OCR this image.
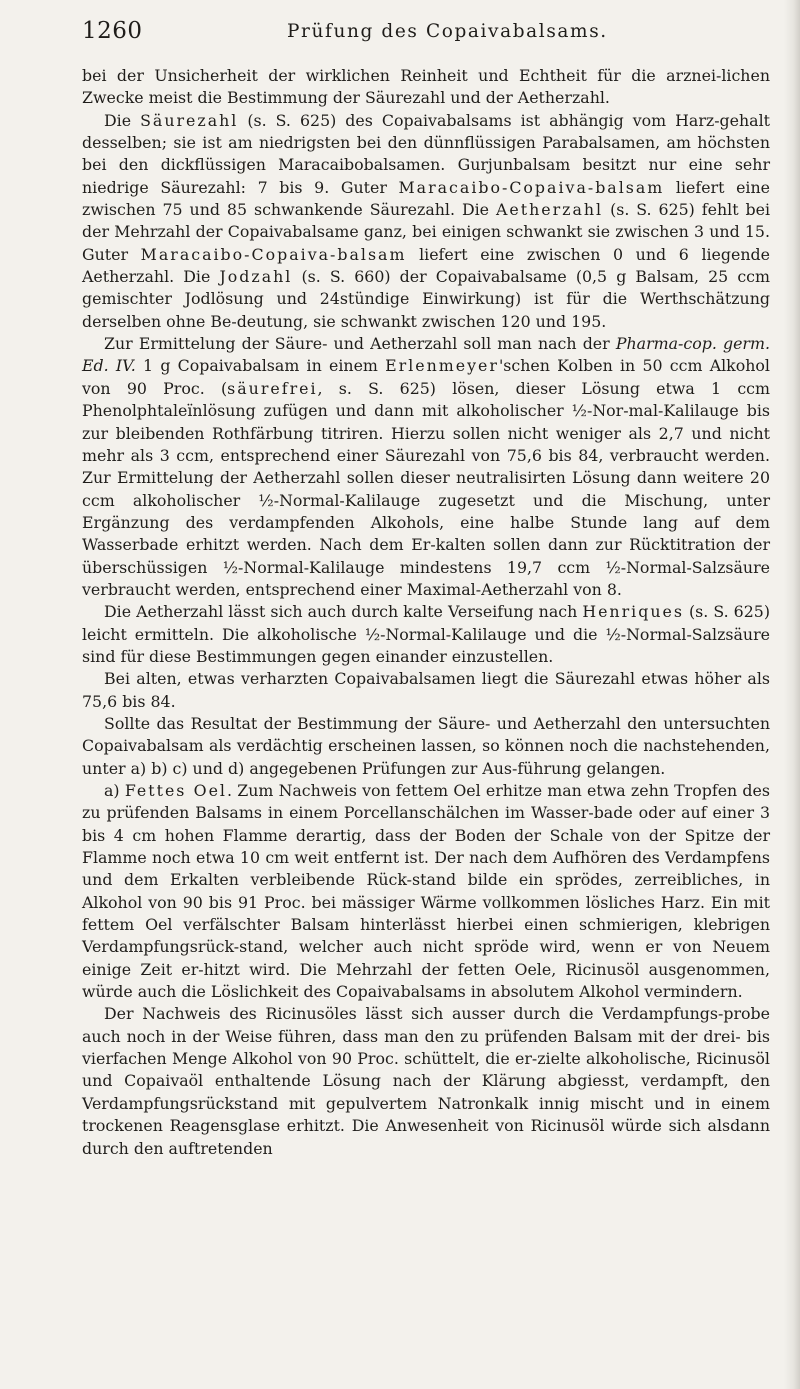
1260	Prüfung des Copaivabalsams.

bei der Unsicherheit der wirklichen Reinheit und Echtheit für die arznei-lichen Zwecke meist die Bestimmung der Säurezahl und der Aetherzahl.

Die Säurezahl (s. S. 625) des Copaivabalsams ist abhängig vom Harz-gehalt desselben; sie ist am niedrigsten bei den dünnflüssigen Parabalsamen, am höchsten bei den dickflüssigen Maracaibobalsamen. Gurjunbalsam besitzt nur eine sehr niedrige Säurezahl: 7 bis 9. Guter Maracaibo-Copaiva-balsam liefert eine zwischen 75 und 85 schwankende Säurezahl. Die Aetherzahl (s. S. 625) fehlt bei der Mehrzahl der Copaivabalsame ganz, bei einigen schwankt sie zwischen 3 und 15. Guter Maracaibo-Copaiva-balsam liefert eine zwischen 0 und 6 liegende Aetherzahl. Die Jodzahl (s. S. 660) der Copaivabalsame (0,5 g Balsam, 25 ccm gemischter Jodlösung und 24stündige Einwirkung) ist für die Werthschätzung derselben ohne Be-deutung, sie schwankt zwischen 120 und 195.

Zur Ermittelung der Säure- und Aetherzahl soll man nach der Pharma-cop. germ. Ed. IV. 1 g Copaivabalsam in einem Erlenmeyer'schen Kolben in 50 ccm Alkohol von 90 Proc. (säurefrei, s. S. 625) lösen, dieser Lösung etwa 1 ccm Phenolphtaleïnlösung zufügen und dann mit alkoholischer ½-Nor-mal-Kalilauge bis zur bleibenden Rothfärbung titriren. Hierzu sollen nicht weniger als 2,7 und nicht mehr als 3 ccm, entsprechend einer Säurezahl von 75,6 bis 84, verbraucht werden. Zur Ermittelung der Aetherzahl sollen dieser neutralisirten Lösung dann weitere 20 ccm alkoholischer ½-Normal-Kalilauge zugesetzt und die Mischung, unter Ergänzung des verdampfenden Alkohols, eine halbe Stunde lang auf dem Wasserbade erhitzt werden. Nach dem Er-kalten sollen dann zur Rücktitration der überschüssigen ½-Normal-Kalilauge mindestens 19,7 ccm ½-Normal-Salzsäure verbraucht werden, entsprechend einer Maximal-Aetherzahl von 8.

Die Aetherzahl lässt sich auch durch kalte Verseifung nach Henriques (s. S. 625) leicht ermitteln. Die alkoholische ½-Normal-Kalilauge und die ½-Normal-Salzsäure sind für diese Bestimmungen gegen einander einzustellen.

Bei alten, etwas verharzten Copaivabalsamen liegt die Säurezahl etwas höher als 75,6 bis 84.

Sollte das Resultat der Bestimmung der Säure- und Aetherzahl den untersuchten Copaivabalsam als verdächtig erscheinen lassen, so können noch die nachstehenden, unter a) b) c) und d) angegebenen Prüfungen zur Aus-führung gelangen.

a) Fettes Oel. Zum Nachweis von fettem Oel erhitze man etwa zehn Tropfen des zu prüfenden Balsams in einem Porcellanschälchen im Wasser-bade oder auf einer 3 bis 4 cm hohen Flamme derartig, dass der Boden der Schale von der Spitze der Flamme noch etwa 10 cm weit entfernt ist. Der nach dem Aufhören des Verdampfens und dem Erkalten verbleibende Rück-stand bilde ein sprödes, zerreibliches, in Alkohol von 90 bis 91 Proc. bei mässiger Wärme vollkommen lösliches Harz. Ein mit fettem Oel verfälschter Balsam hinterlässt hierbei einen schmierigen, klebrigen Verdampfungsrück-stand, welcher auch nicht spröde wird, wenn er von Neuem einige Zeit er-hitzt wird. Die Mehrzahl der fetten Oele, Ricinusöl ausgenommen, würde auch die Löslichkeit des Copaivabalsams in absolutem Alkohol vermindern.

Der Nachweis des Ricinusöles lässt sich ausser durch die Verdampfungs-probe auch noch in der Weise führen, dass man den zu prüfenden Balsam mit der drei- bis vierfachen Menge Alkohol von 90 Proc. schüttelt, die er-zielte alkoholische, Ricinusöl und Copaivaöl enthaltende Lösung nach der Klärung abgiesst, verdampft, den Verdampfungsrückstand mit gepulvertem Natronkalk innig mischt und in einem trockenen Reagensglase erhitzt. Die Anwesenheit von Ricinusöl würde sich alsdann durch den auftretenden
